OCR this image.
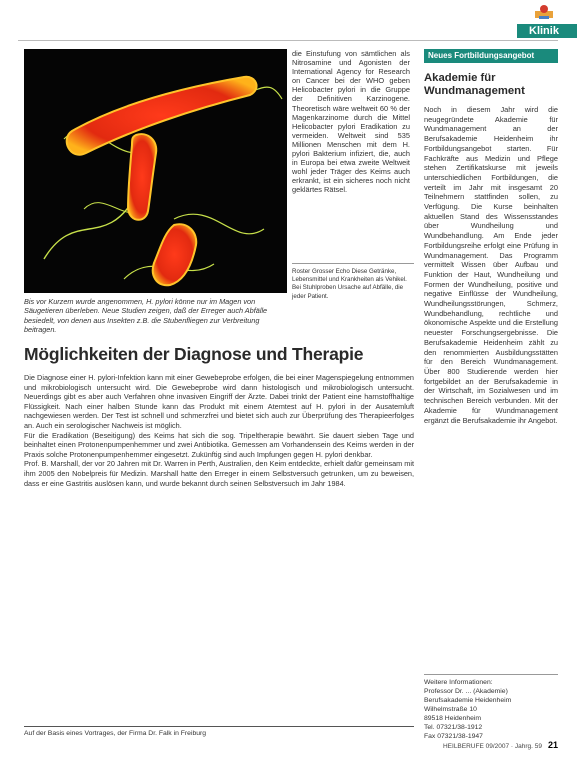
Klinik
Bis vor Kurzem wurde angenommen, H. pylori könne nur im Magen von Säugetieren überleben. Neue Studien zeigen, daß der Erreger auch Abfälle besiedelt, von denen aus Insekten z.B. die Stubenfliegen zur Verbreitung beitragen.
die Einstufung von sämtlichen als Nitrosamine und Agonisten der International Agency for Research on Cancer bei der WHO geben Helicobacter pylori in die Gruppe der Definitiven Karzinogene. Theoretisch wäre weltweit 60 % der Magenkarzinome durch die Mittel Helicobacter pylori Eradikation zu vermeiden. Weltweit sind 535 Millionen Menschen mit dem H. pylori Bakterium infiziert, die, auch in Europa bei etwa zweite Weltweit wohl jeder Träger des Keims auch erkrankt, ist ein sicheres noch nicht geklärtes Rätsel.
Roster Grosser Echo Diese Getränke, Lebensmittel und Krankheiten als Vehikel. Bei Stuhlproben Ursache auf Abfälle, die jeder Patient.
Möglichkeiten der Diagnose und Therapie

Die Diagnose einer H. pylori-Infektion kann mit einer Gewebeprobe erfolgen, die bei einer Magenspiegelung entnommen und mikrobiologisch untersucht wird. Die Gewebeprobe wird dann histologisch und mikrobiologisch untersucht. Neuerdings gibt es aber auch Verfahren ohne invasiven Eingriff der Ärzte. Dabei trinkt der Patient eine harnstoffhaltige Flüssigkeit. Nach einer halben Stunde kann das Produkt mit einem Atemtest auf H. pylori in der Ausatemluft nachgewiesen werden. Der Test ist schnell und schmerzfrei und bietet sich auch zur Überprüfung des Therapieerfolges an. Auch ein serologischer Nachweis ist möglich.

Für die Eradikation (Beseitigung) des Keims hat sich die sog. Tripeltherapie bewährt. Sie dauert sieben Tage und beinhaltet einen Protonenpumpenhemmer und zwei Antibiotika. Gemessen am Vorhandensein des Keims werden in der Praxis solche Protonenpumpenhemmer eingesetzt. Zukünftig sind auch Impfungen gegen H. pylori denkbar.

Prof. B. Marshall, der vor 20 Jahren mit Dr. Warren in Perth, Australien, den Keim entdeckte, erhielt dafür gemeinsam mit ihm 2005 den Nobelpreis für Medizin. Marshall hatte den Erreger in einem Selbstversuch getrunken, um zu beweisen, dass er eine Gastritis auslösen kann, und wurde bekannt durch seinen Selbstversuch im Jahr 1984.

Auf der Basis eines Vortrages, der Firma Dr. Falk in Freiburg
Neues Fortbildungsangebot
Akademie für Wundmanagement
Noch in diesem Jahr wird die neugegründete Akademie für Wundmanagement an der Berufsakademie Heidenheim ihr Fortbildungsangebot starten. Für Fachkräfte aus Medizin und Pflege stehen Zertifikatskurse mit jeweils unterschiedlichen Fortbildungen, die verteilt im Jahr mit insgesamt 20 Teilnehmern stattfinden sollen, zu Verfügung. Die Kurse beinhalten aktuellen Stand des Wissensstandes über Wundheilung und Wundbehandlung. Am Ende jeder Fortbildungsreihe erfolgt eine Prüfung in Wundmanagement. Das Programm vermittelt Wissen über Aufbau und Funktion der Haut, Wundheilung und Formen der Wundheilung, positive und negative Einflüsse der Wundheilung, Wundheilungsstörungen, Schmerz, Wundbehandlung, rechtliche und ökonomische Aspekte und die Erstellung neuester Forschungsergebnisse. Die Berufsakademie Heidenheim zählt zu den renommierten Ausbildungsstätten für den Bereich Wundmanagement. Über 800 Studierende werden hier fortgebildet an der Berufsakademie in der Wirtschaft, im Sozialwesen und im technischen Bereich verbunden. Mit der Akademie für Wundmanagement ergänzt die Berufsakademie ihr Angebot.
Weitere Informationen:
Professor Dr. ... (Akademie)
Berufsakademie Heidenheim
Wilhelmstraße 10
89518 Heidenheim
Tel. 07321/38-1912
Fax 07321/38-1947
HEILBERUFE 09/2007 · Jahrg. 59 21
